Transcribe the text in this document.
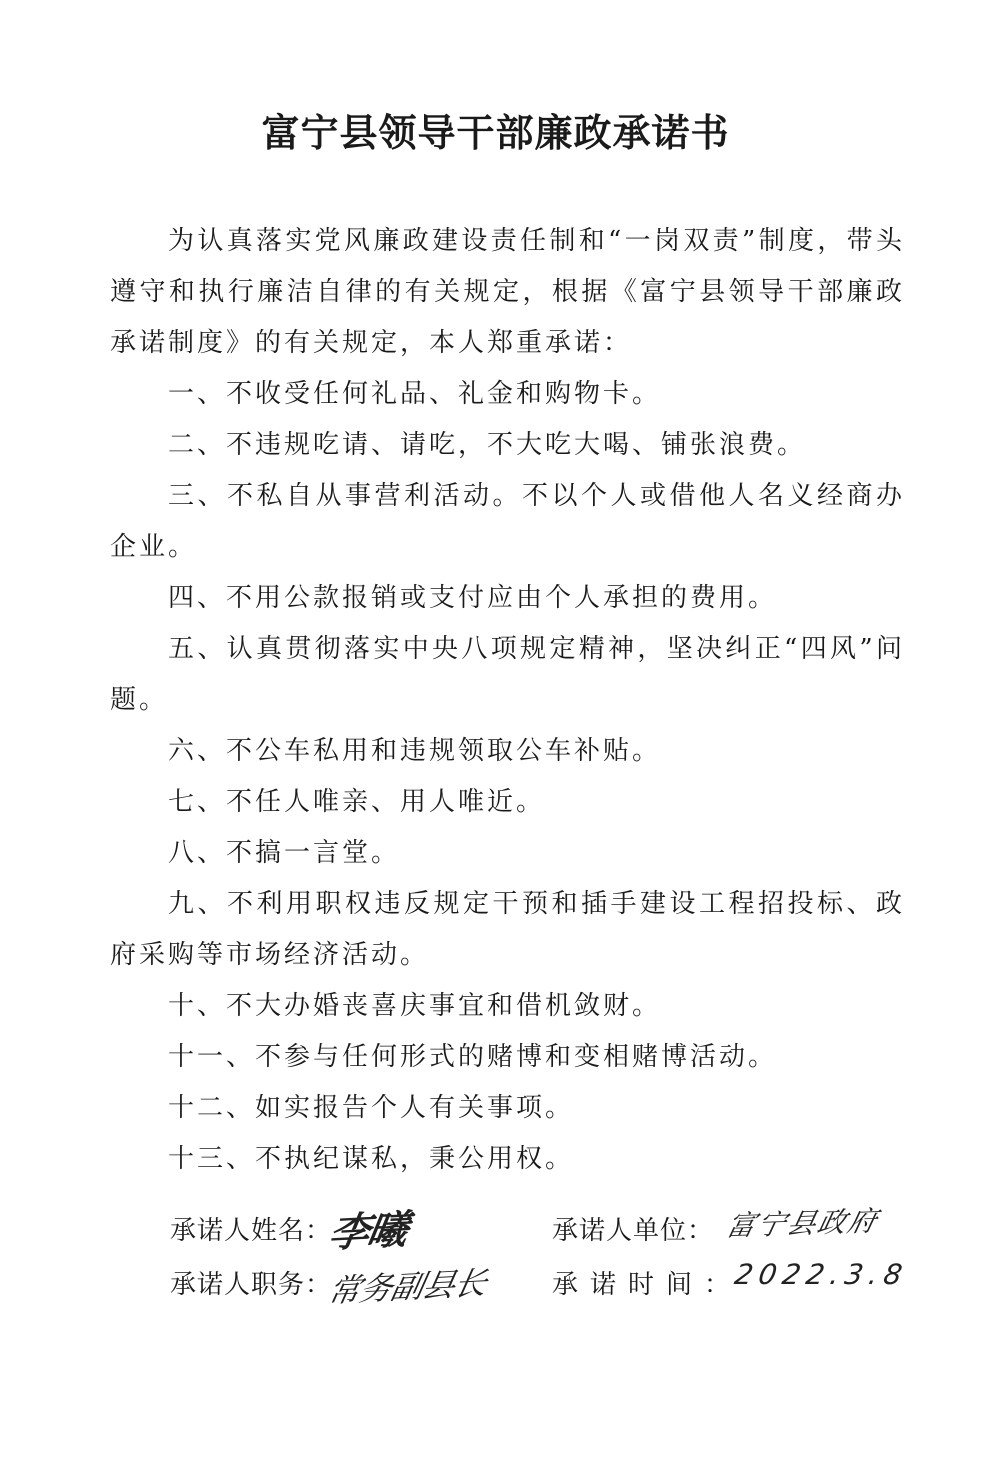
富宁县领导干部廉政承诺书

为认真落实党风廉政建设责任制和“一岗双责”制度，带头遵守和执行廉洁自律的有关规定，根据《富宁县领导干部廉政承诺制度》的有关规定，本人郑重承诺：

一、不收受任何礼品、礼金和购物卡。

二、不违规吃请、请吃，不大吃大喝、铺张浪费。

三、不私自从事营利活动。不以个人或借他人名义经商办企业。

四、不用公款报销或支付应由个人承担的费用。

五、认真贯彻落实中央八项规定精神，坚决纠正“四风”问题。

六、不公车私用和违规领取公车补贴。

七、不任人唯亲、用人唯近。

八、不搞一言堂。

九、不利用职权违反规定干预和插手建设工程招投标、政府采购等市场经济活动。

十、不大办婚丧喜庆事宜和借机敛财。

十一、不参与任何形式的赌博和变相赌博活动。

十二、如实报告个人有关事项。

十三、不执纪谋私，秉公用权。

承诺人姓名：
李曦	承诺人单位： 富宁县政府
承诺人职务：
常务副县长 承诺时间：
2022.3.8
